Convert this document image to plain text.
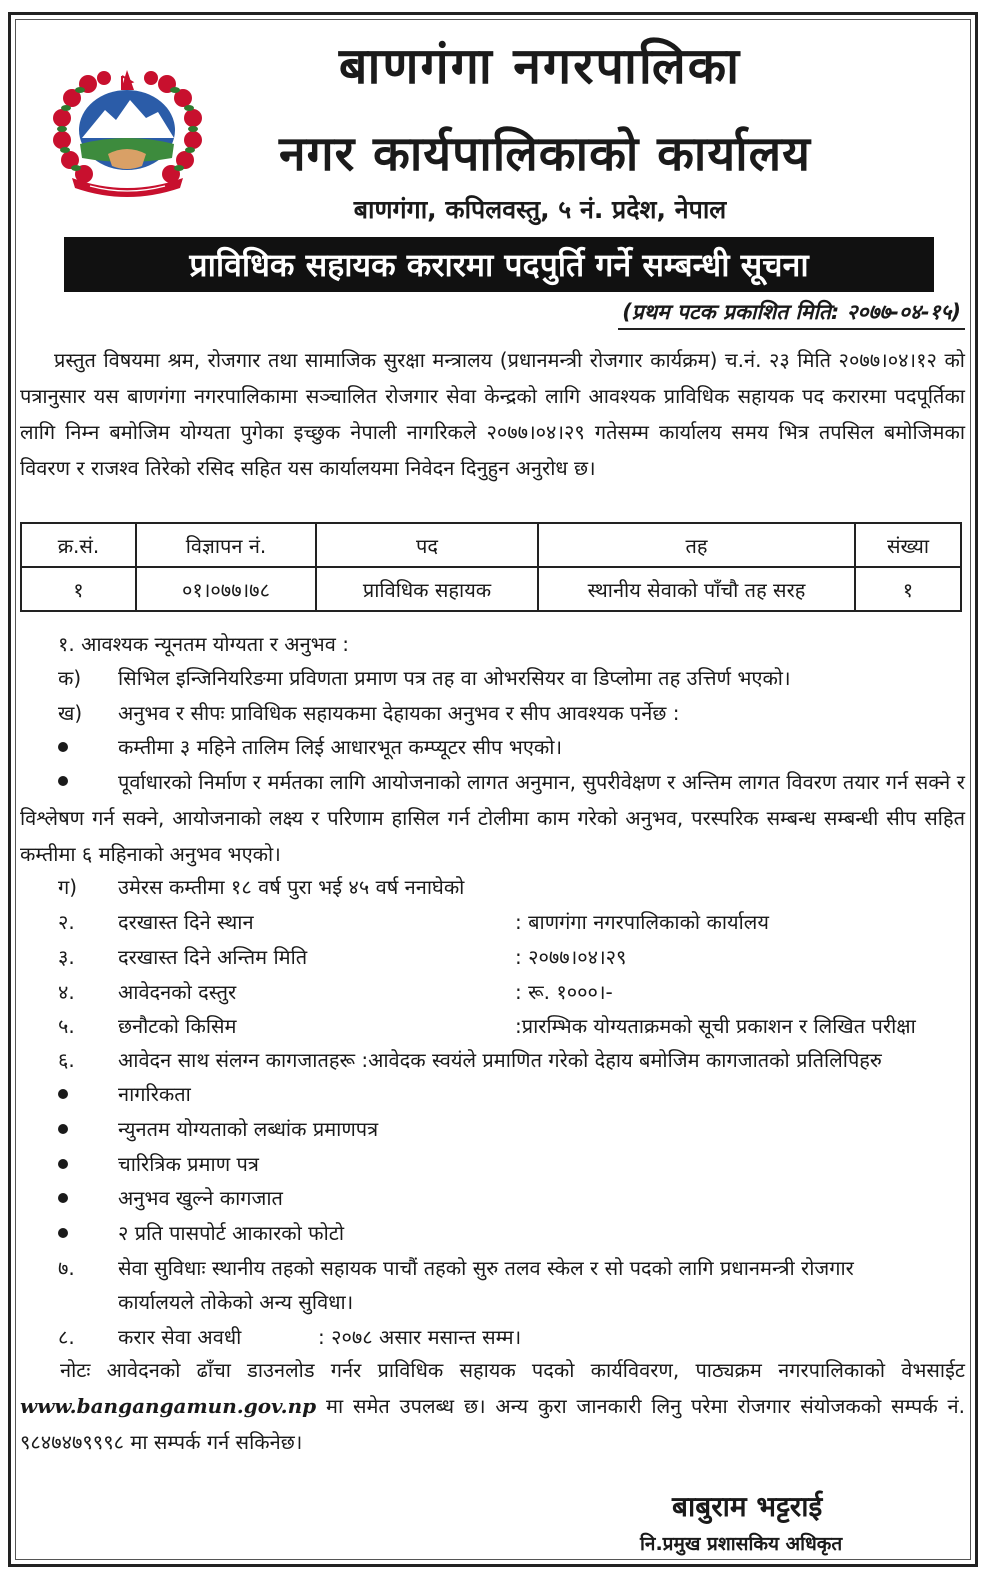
बाणगंगा नगरपालिका
नगर कार्यपालिकाको कार्यालय
बाणगंगा, कपिलवस्तु, ५ नं. प्रदेश, नेपाल
प्राविधिक सहायक करारमा पदपुर्ति गर्ने सम्बन्धी सूचना
(प्रथम पटक प्रकाशित मिति: २०७७-०४-१५)

प्रस्तुत विषयमा श्रम, रोजगार तथा सामाजिक सुरक्षा मन्त्रालय (प्रधानमन्त्री रोजगार कार्यक्रम) च.नं. २३ मिति २०७७।०४।१२ को पत्रानुसार यस बाणगंगा नगरपालिकामा सञ्चालित रोजगार सेवा केन्द्रको लागि आवश्यक प्राविधिक सहायक पद करारमा पदपूर्तिका लागि निम्न बमोजिम योग्यता पुगेका इच्छुक नेपाली नागरिकले २०७७।०४।२९ गतेसम्म कार्यालय समय भित्र तपसिल बमोजिमका विवरण र राजश्व तिरेको रसिद सहित यस कार्यालयमा निवेदन दिनुहुन अनुरोध छ।

क्र.सं.	विज्ञापन नं.	पद	तह	संख्या
१	०१।०७७।७८	प्राविधिक सहायक	स्थानीय सेवाको पाँचौ तह सरह	१
१. आवश्यक न्यूनतम योग्यता र अनुभव :
क) सिभिल इन्जिनियरिङमा प्रविणता प्रमाण पत्र तह वा ओभरसियर वा डिप्लोमा तह उत्तिर्ण भएको।
ख) अनुभव र सीपः प्राविधिक सहायकमा देहायका अनुभव र सीप आवश्यक पर्नेछ :
कम्तीमा ३ महिने तालिम लिई आधारभूत कम्प्यूटर सीप भएको।

पूर्वाधारको निर्माण र मर्मतका लागि आयोजनाको लागत अनुमान, सुपरीवेक्षण र अन्तिम लागत विवरण तयार गर्न सक्ने र विश्लेषण गर्न सक्ने, आयोजनाको लक्ष्य र परिणाम हासिल गर्न टोलीमा काम गरेको अनुभव, परस्परिक सम्बन्ध सम्बन्धी सीप सहित कम्तीमा ६ महिनाको अनुभव भएको।

ग) उमेरस कम्तीमा १८ वर्ष पुरा भई ४५ वर्ष ननाघेको
२. दरखास्त दिने स्थान	: बाणगंगा नगरपालिकाको कार्यालय
३. दरखास्त दिने अन्तिम मिति	: २०७७।०४।२९
४. आवेदनको दस्तुर	: रू. १०००।-
५. छनौटको किसिम	:प्रारम्भिक योग्यताक्रमको सूची प्रकाशन र लिखित परीक्षा
६. आवेदन साथ संलग्न कागजातहरू :आवेदक स्वयंले प्रमाणित गरेको देहाय बमोजिम कागजातको प्रतिलिपिहरु
नागरिकता
न्युनतम योग्यताको लब्धांक प्रमाणपत्र
चारित्रिक प्रमाण पत्र
अनुभव खुल्ने कागजात
२ प्रति पासपोर्ट आकारको फोटो
७. सेवा सुविधाः स्थानीय तहको सहायक पाचौं तहको सुरु तलव स्केल र सो पदको लागि प्रधानमन्त्री रोजगार
कार्यालयले तोकेको अन्य सुविधा।
८. करार सेवा अवधी	: २०७८ असार मसान्त सम्म।

नोटः आवेदनको ढाँचा डाउनलोड गर्नर प्राविधिक सहायक पदको कार्यविवरण, पाठ्यक्रम नगरपालिकाको वेभसाईट www.bangangamun.gov.np मा समेत उपलब्ध छ। अन्य कुरा जानकारी लिनु परेमा रोजगार संयोजकको सम्पर्क नं. ९८४७४७९९९८ मा सम्पर्क गर्न सकिनेछ।

बाबुराम भट्टराई
नि.प्रमुख प्रशासकिय अधिकृत
